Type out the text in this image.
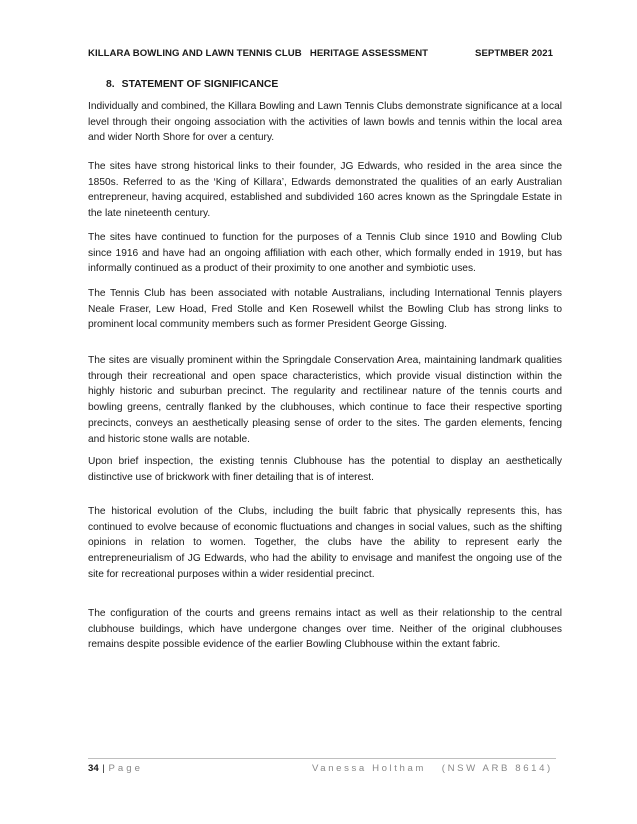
KILLARA BOWLING AND LAWN TENNIS CLUB   HERITAGE ASSESSMENT	SEPTMBER 2021
8. STATEMENT OF SIGNIFICANCE

Individually and combined, the Killara Bowling and Lawn Tennis Clubs demonstrate significance at a local level through their ongoing association with the activities of lawn bowls and tennis within the local area and wider North Shore for over a century.

The sites have strong historical links to their founder, JG Edwards, who resided in the area since the 1850s. Referred to as the ‘King of Killara’, Edwards demonstrated the qualities of an early Australian entrepreneur, having acquired, established and subdivided 160 acres known as the Springdale Estate in the late nineteenth century.

The sites have continued to function for the purposes of a Tennis Club since 1910 and Bowling Club since 1916 and have had an ongoing affiliation with each other, which formally ended in 1919, but has informally continued as a product of their proximity to one another and symbiotic uses.

The Tennis Club has been associated with notable Australians, including International Tennis players Neale Fraser, Lew Hoad, Fred Stolle and Ken Rosewell whilst the Bowling Club has strong links to prominent local community members such as former President George Gissing.

The sites are visually prominent within the Springdale Conservation Area, maintaining landmark qualities through their recreational and open space characteristics, which provide visual distinction within the highly historic and suburban precinct. The regularity and rectilinear nature of the tennis courts and bowling greens, centrally flanked by the clubhouses, which continue to face their respective sporting precincts, conveys an aesthetically pleasing sense of order to the sites. The garden elements, fencing and historic stone walls are notable.

Upon brief inspection, the existing tennis Clubhouse has the potential to display an aesthetically distinctive use of brickwork with finer detailing that is of interest.

The historical evolution of the Clubs, including the built fabric that physically represents this, has continued to evolve because of economic fluctuations and changes in social values, such as the shifting opinions in relation to women. Together, the clubs have the ability to represent early the entrepreneurialism of JG Edwards, who had the ability to envisage and manifest the ongoing use of the site for recreational purposes within a wider residential precinct.

The configuration of the courts and greens remains intact as well as their relationship to the central clubhouse buildings, which have undergone changes over time. Neither of the original clubhouses remains despite possible evidence of the earlier Bowling Clubhouse within the extant fabric.

34 | Page	Vanessa Holtham   (NSW ARB 8614)
